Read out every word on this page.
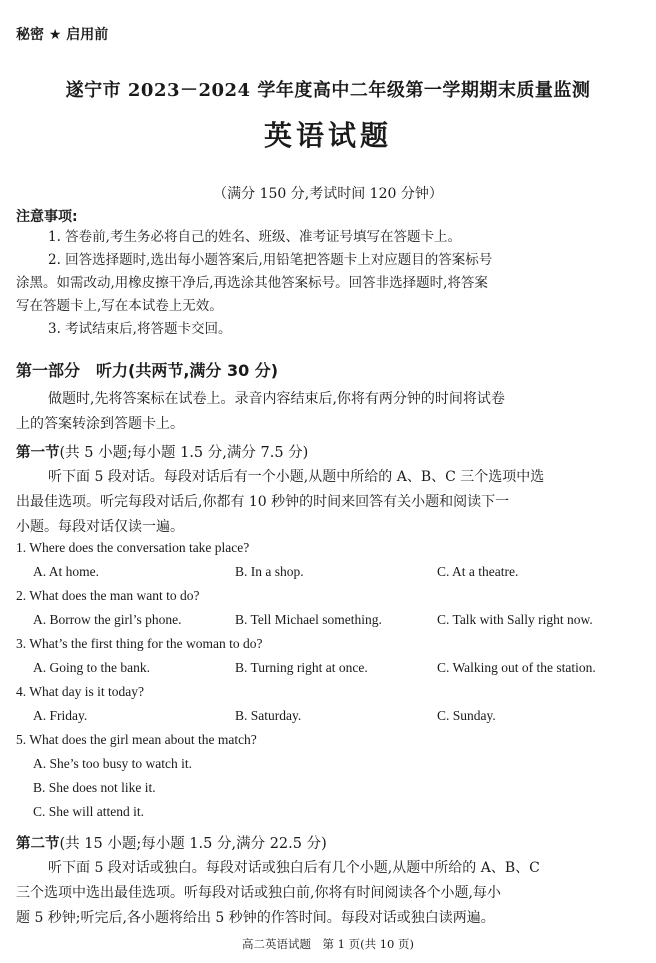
秘密 ★ 启用前
遂宁市 2023－2024 学年度高中二年级第一学期期末质量监测
英语试题
（满分 150 分,考试时间 120 分钟）
注意事项:
1. 答卷前,考生务必将自己的姓名、班级、准考证号填写在答题卡上。
2. 回答选择题时,选出每小题答案后,用铅笔把答题卡上对应题目的答案标号
涂黑。如需改动,用橡皮擦干净后,再选涂其他答案标号。回答非选择题时,将答案
写在答题卡上,写在本试卷上无效。
3. 考试结束后,将答题卡交回。
第一部分　听力(共两节,满分 30 分)
做题时,先将答案标在试卷上。录音内容结束后,你将有两分钟的时间将试卷
上的答案转涂到答题卡上。
第一节(共 5 小题;每小题 1.5 分,满分 7.5 分)
听下面 5 段对话。每段对话后有一个小题,从题中所给的 A、B、C 三个选项中选
出最佳选项。听完每段对话后,你都有 10 秒钟的时间来回答有关小题和阅读下一
小题。每段对话仅读一遍。
1. Where does the conversation take place?
A. At home.	B. In a shop.	C. At a theatre.
2. What does the man want to do?
A. Borrow the girl’s phone.	B. Tell Michael something.	C. Talk with Sally right now.
3. What’s the first thing for the woman to do?
A. Going to the bank.	B. Turning right at once.	C. Walking out of the station.
4. What day is it today?
A. Friday.	B. Saturday.	C. Sunday.
5. What does the girl mean about the match?
A. She’s too busy to watch it.
B. She does not like it.
C. She will attend it.
第二节(共 15 小题;每小题 1.5 分,满分 22.5 分)
听下面 5 段对话或独白。每段对话或独白后有几个小题,从题中所给的 A、B、C
三个选项中选出最佳选项。听每段对话或独白前,你将有时间阅读各个小题,每小
题 5 秒钟;听完后,各小题将给出 5 秒钟的作答时间。每段对话或独白读两遍。
高二英语试题　第 1 页(共 10 页)
